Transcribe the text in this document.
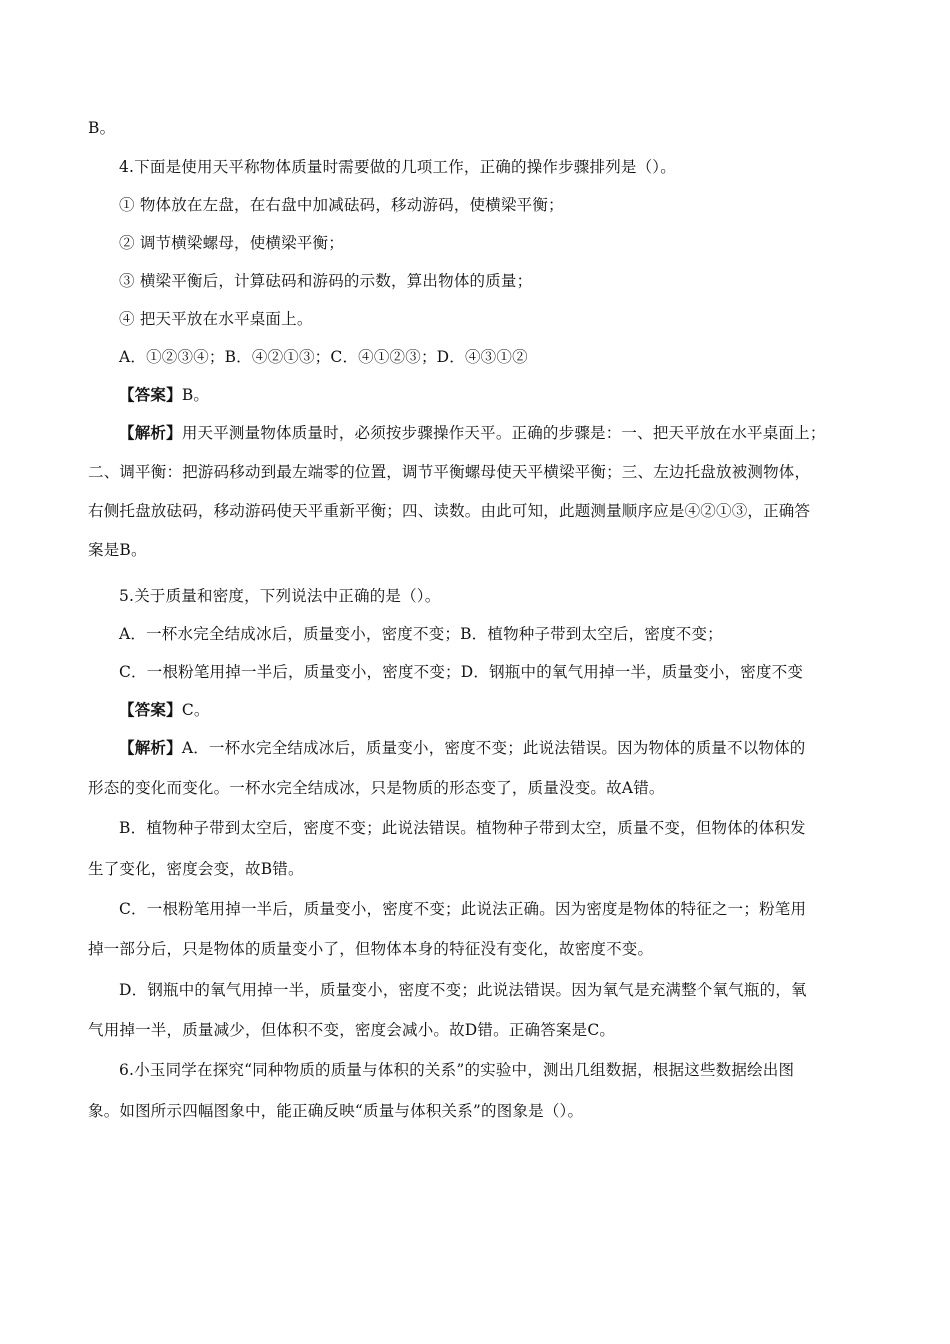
B。
4.下面是使用天平称物体质量时需要做的几项工作，正确的操作步骤排列是（）。
① 物体放在左盘，在右盘中加减砝码，移动游码，使横梁平衡；
② 调节横梁螺母，使横梁平衡；
③ 横梁平衡后，计算砝码和游码的示数，算出物体的质量；
④ 把天平放在水平桌面上。
A．①②③④；B．④②①③；C．④①②③；D．④③①②
【答案】B。
【解析】用天平测量物体质量时，必须按步骤操作天平。正确的步骤是：一、把天平放在水平桌面上；
二、调平衡：把游码移动到最左端零的位置，调节平衡螺母使天平横梁平衡；三、左边托盘放被测物体，
右侧托盘放砝码，移动游码使天平重新平衡；四、读数。由此可知，此题测量顺序应是④②①③，正确答
案是B。
5.关于质量和密度，下列说法中正确的是（）。
A．一杯水完全结成冰后，质量变小，密度不变；B．植物种子带到太空后，密度不变；
C．一根粉笔用掉一半后，质量变小，密度不变；D．钢瓶中的氧气用掉一半，质量变小，密度不变
【答案】C。
【解析】A．一杯水完全结成冰后，质量变小，密度不变；此说法错误。因为物体的质量不以物体的
形态的变化而变化。一杯水完全结成冰，只是物质的形态变了，质量没变。故A错。
B．植物种子带到太空后，密度不变；此说法错误。植物种子带到太空，质量不变，但物体的体积发
生了变化，密度会变，故B错。
C．一根粉笔用掉一半后，质量变小，密度不变；此说法正确。因为密度是物体的特征之一；粉笔用
掉一部分后，只是物体的质量变小了，但物体本身的特征没有变化，故密度不变。
D．钢瓶中的氧气用掉一半，质量变小，密度不变；此说法错误。因为氧气是充满整个氧气瓶的，氧
气用掉一半，质量减少，但体积不变，密度会减小。故D错。正确答案是C。
6.小玉同学在探究“同种物质的质量与体积的关系”的实验中，测出几组数据，根据这些数据绘出图
象。如图所示四幅图象中，能正确反映“质量与体积关系”的图象是（）。
